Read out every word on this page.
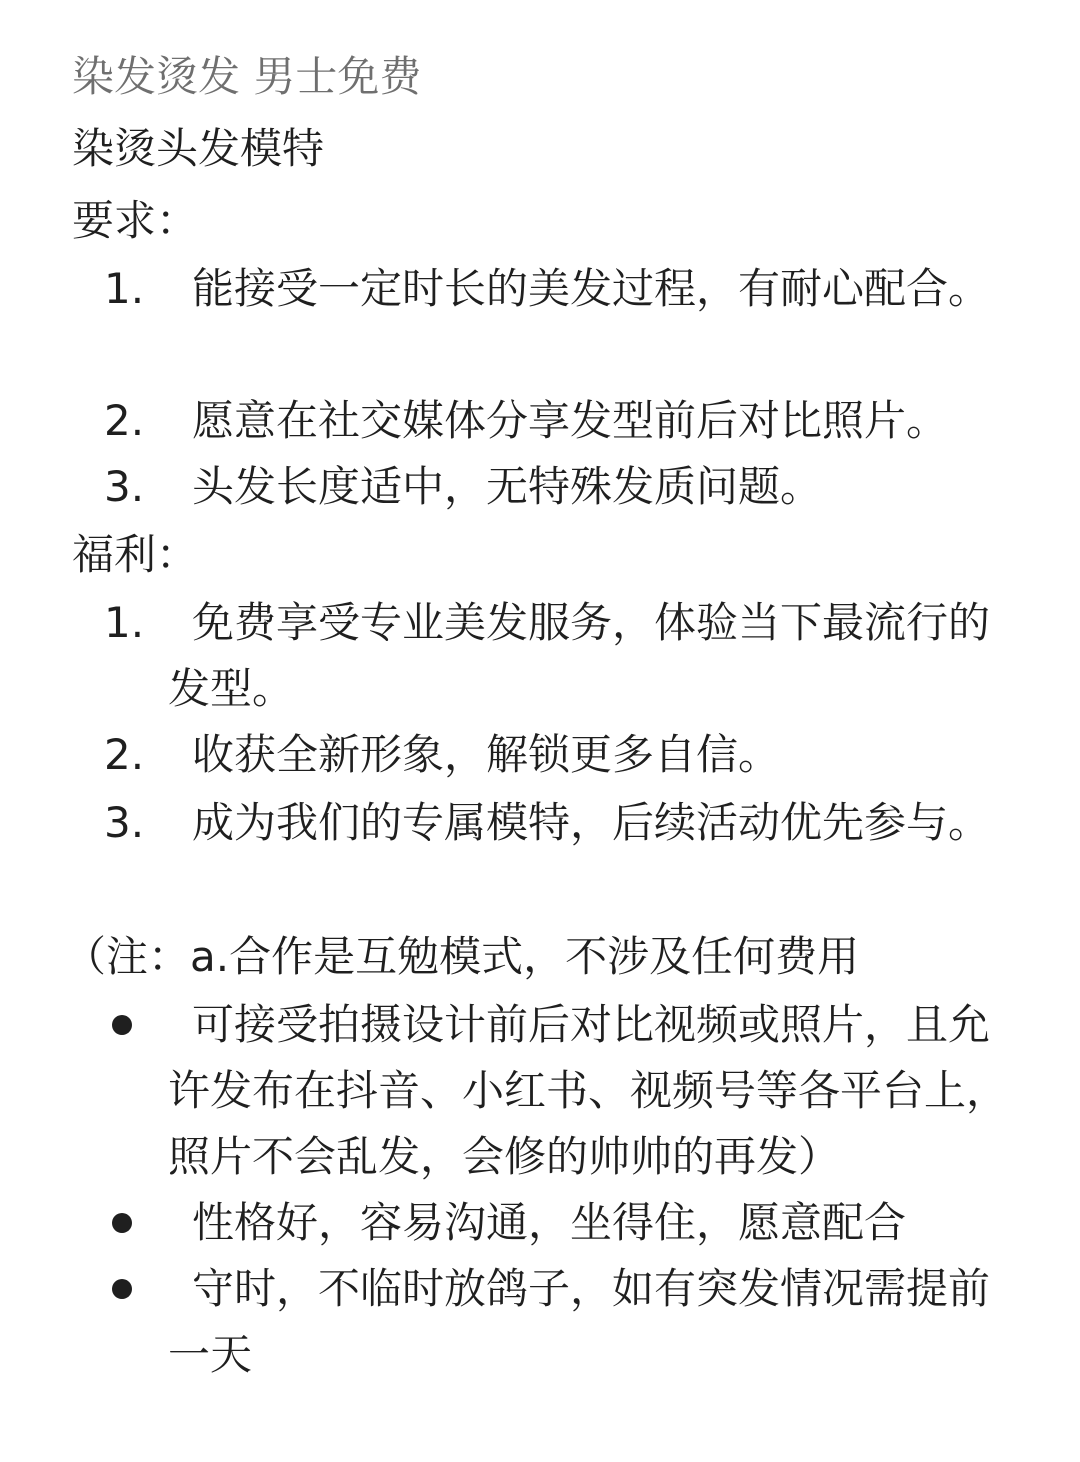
染发烫发 男士免费
染烫头发模特
要求：
1.	能接受一定时长的美发过程，有耐心配合。
2.	愿意在社交媒体分享发型前后对比照片。
3.	头发长度适中，无特殊发质问题。
福利：
1.	免费享受专业美发服务，体验当下最流行的发型。
2.	收获全新形象，解锁更多自信。
3.	成为我们的专属模特，后续活动优先参与。
（注：a.合作是互勉模式，不涉及任何费用
可接受拍摄设计前后对比视频或照片，且允许发布在抖音、小红书、视频号等各平台上，照片不会乱发，会修的帅帅的再发）
性格好，容易沟通，坐得住，愿意配合
守时，不临时放鸽子，如有突发情况需提前一天
